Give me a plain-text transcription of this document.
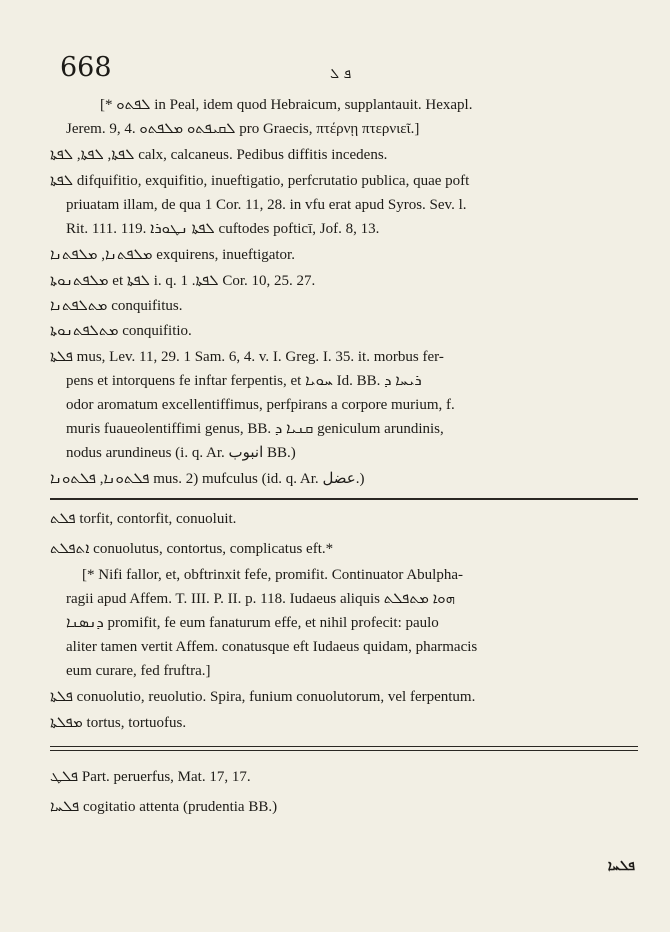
668	ܦ ܠ
[* ܠܦܬܘ in Peal, idem quod Hebraicum, supplantauit. Hexapl.
Jerem. 9, 4. ܠܩܝܦܬܘ ܡܠܦܬܘ pro Graecis, πτέρνῃ πτερνιεῖ.]
ܠܦܬܐ, ܠܦܬܐ, ܠܦܬܐ calx, calcaneus. Pedibus diffitis incedens.
ܠܦܬܐ difquifitio, exquifitio, inueftigatio, perfcrutatio publica, quae poft
priuatam illam, de qua 1 Cor. 11, 28. in vfu erat apud Syros. Sev. l.
Rit. 111. 119. ܠܦܬܐ ܢܛܘܪܐ cuftodes pofticī, Jof. 8, 13.
ܡܠܦܬܢܐ, ܡܠܦܬܢܐ exquirens, inueftigator.
ܡܠܦܬܢܘܬܐ et ܠܦܬܐ i. q. ܠܦܬܐ. 1 Cor. 10, 25. 27.
ܡܬܠܦܬܢܐ conquifitus.
ܡܬܠܦܬܢܘܬܐ conquifitio.
ܦܠܬܐ mus, Lev. 11, 29. 1 Sam. 6, 4. v. I. Greg. I. 35. it. morbus fer-
pens et intorquens fe inftar ferpentis, et ܚܘܝܐ Id. BB. ܪܝܚܐ ܕ
odor aromatum excellentiffimus, perfpirans a corpore murium, f.
muris fuaueolentiffimi genus, BB. ܩܢܝܐ ܕ geniculum arundinis,
nodus arundineus (i. q. Ar. انبوب BB.)
ܦܠܬܘܢܐ, ܦܠܬܘܢܐ mus. 2) mufculus (id. q. Ar. عضل.)
ܦܠܬ torfit, contorfit, conuoluit.
ܐܬܦܠܬ conuolutus, contortus, complicatus eft.*
[* Nifi fallor, et, obftrinxit fefe, promifit. Continuator Abulpha-
ragii apud Affem. T. III. P. II. p. 118. Iudaeus aliquis ܗܘܐ ܡܬܦܠܬ
ܕܢܣܢܐ promifit, fe eum fanaturum effe, et nihil profecit: paulo
aliter tamen vertit Affem. conatusque eft Iudaeus quidam, pharmacis
eum curare, fed fruftra.]
ܦܠܬܐ conuolutio, reuolutio. Spira, funium conuolutorum, vel ferpentum.
ܡܦܠܬܐ tortus, tortuofus.
ܦܠܛ Part. peruerfus, Mat. 17, 17.
ܦܠܚܐ cogitatio attenta (prudentia BB.)
ܦܠܚܐ
